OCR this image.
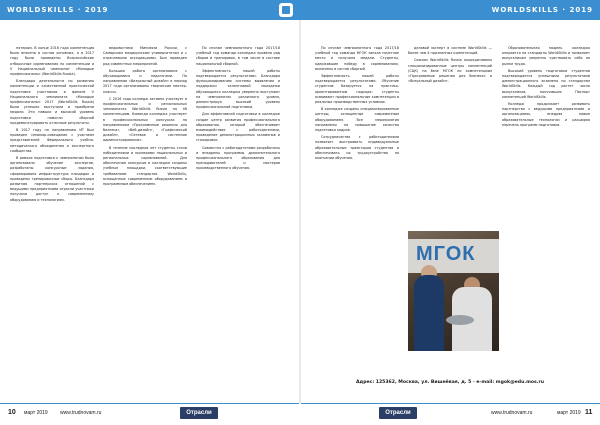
WORLDSKILLS · 2019	WORLDSKILLS · 2019

пятерым. В конце 2016 года компетенция была внесена в состав основных, а в 2017 году были проведены Всероссийские отборочные соревнования по компетенции и V Национальный чемпионат «Молодые профессионалы» (WorldSkills Russia).

Благодаря деятельности по развитию компетенции и качественной практической подготовке участников в финале V Национального чемпионата «Молодые профессионалы» 2017 (WorldSkills Russia) были успешно выступили и приобрели медали. Эти навыки и высокий уровень подготовки помогли сборной продемонстрировать отличные результаты.

В 2017 году по направлению ИТ был проведен семинар-совещание с участием представителей Федерального учебно-методического объединения и экспертного сообщества.

В рамках подготовки к чемпионатам было организовано обучение экспертов, разработаны конкурсные задания, сформирована инфраструктура площадок и проведены тренировочные сборы. Благодаря развитию партнерских отношений с ведущими предприятиями отрасли участники получили доступ к современному оборудованию и технологиям.

ведомостями Минсвязи России, с Самарским медицинским университетом и с отраслевыми ассоциациями. Был проведен ряд совместных мероприятий.

Большая работа организована с обучающимися и педагогами. По направлению «Визуальный дизайн» в период 2017 года организованы творческие мастер-классы.

С 2016 года колледж активно участвует в профессиональных и региональных чемпионатах WorldSkills Russia по 46 компетенциям. Команда колледжа участвует в профессиональных конкурсах по направлениям «Программные решения для бизнеса», «Веб-дизайн», «Графический дизайн», «Сетевое и системное администрирование».

В течение последних лет студенты стали победителями и призерами национальных и региональных соревнований. Для обеспечения конкурсов в колледже созданы учебные площадки, соответствующие требованиям стандартов WorldSkills, оснащенные современным оборудованием и программным обеспечением.

По итогам чемпионатного года 2017/18 учебный год команда колледжа провела ряд сборов и тренировок, в том числе в составе национальной сборной.

Эффективность нашей работы подтверждается результатами. Благодаря функционированию системы выявления и поддержки талантливой молодежи обучающиеся колледжа уверенно выступают на чемпионатах различного уровня, демонстрируя высокий уровень профессиональной подготовки.

Для эффективной подготовки в колледже создан центр развития профессионального образования, который обеспечивает взаимодействие с работодателями, проведение демонстрационных экзаменов и стажировок.

Совместно с работодателями разработаны и внедрены программы дополнительного профессионального образования для преподавателей и мастеров производственного обучения.

По итогам чемпионатного года 2017/18 учебный год команда МГОК заняла почетное место и получила медали. Студенты, одержавшие победу в соревнованиях, включены в состав сборной.

Эффективность нашей работы подтверждается результатами. Обучение студентов базируется на практико-ориентированном подходе: студенты осваивают профессиональные компетенции в реальных производственных условиях.

В колледже созданы специализированные центры, оснащенные современным оборудованием. Все мероприятия направлены на повышение качества подготовки кадров.

Сотрудничество с работодателями позволяет выстраивать индивидуальные образовательные траектории студентов и обеспечивать их трудоустройство по окончании обучения.

деловой эксперт в системе WorldSkills — более чем 4 признанных компетенций.

Союзом WorldSkills Russia аккредитованы специализированные центры компетенций (СЦК) на базе МГОК по компетенциям «Программные решения для бизнеса» и «Визуальный дизайн».

МГОК

Образовательная модель колледжа опирается на стандарты WorldSkills и позволяет выпускникам уверенно чувствовать себя на рынке труда.

Высокий уровень подготовки студентов подтверждается успешными результатами демонстрационного экзамена по стандартам WorldSkills. Каждый год растет число выпускников, получивших Паспорт компетенций WorldSkills.

Колледж продолжает развивать партнерство с ведущими предприятиями и организациями, внедряя новые образовательные технологии и расширяя перечень программ подготовки.

Адрес: 125362, Москва, ул. Вишнёвая, д. 5 · e-mail: mgok@edu.mos.ru
10 март 2019 www.trudnovam.ru	Отрасли	Отрасли	www.trudnovam.ru	март 2019 11
